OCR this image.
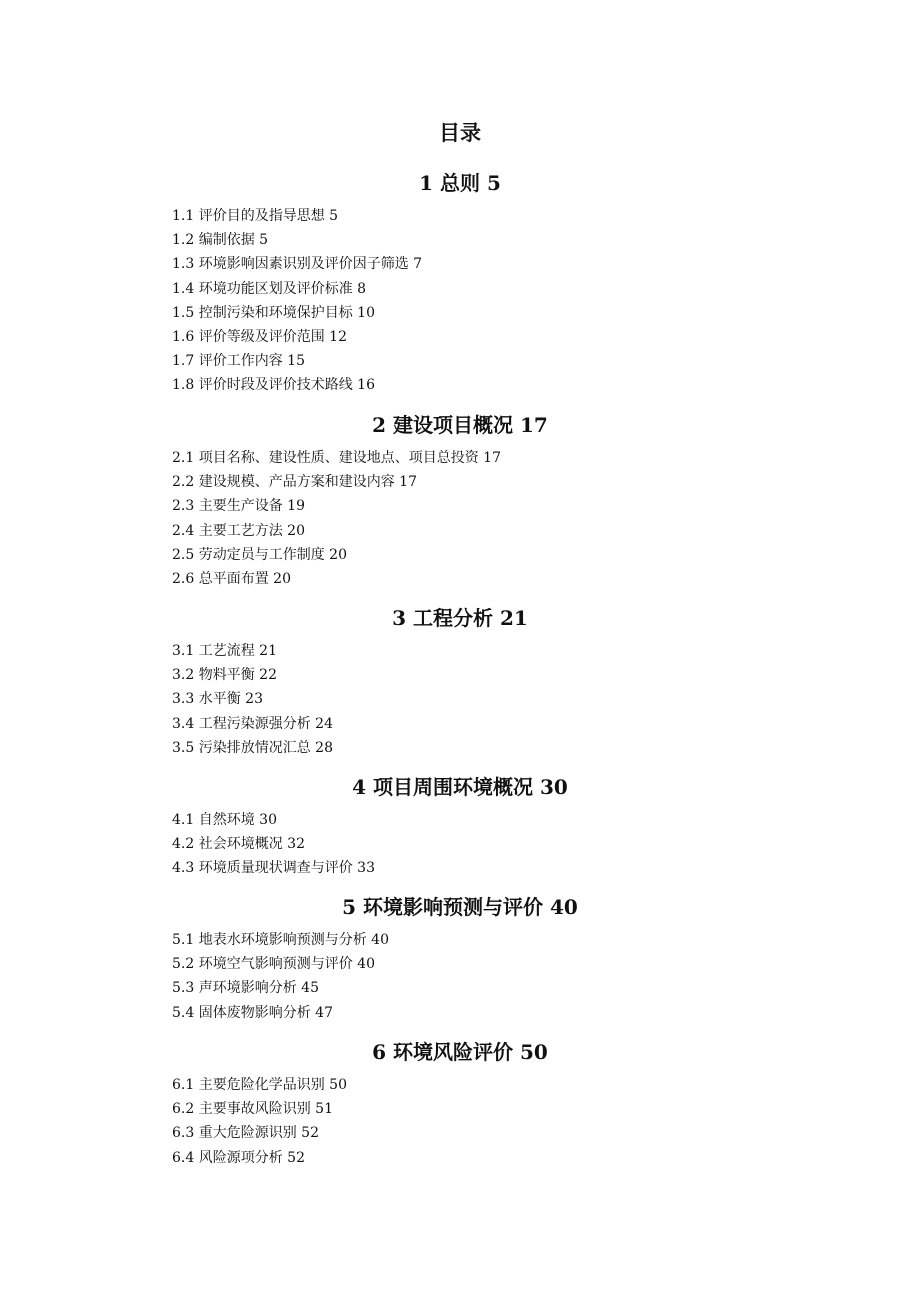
目录
1 总则 5
1.1 评价目的及指导思想 5
1.2 编制依据 5
1.3 环境影响因素识别及评价因子筛选 7
1.4 环境功能区划及评价标准 8
1.5 控制污染和环境保护目标 10
1.6 评价等级及评价范围 12
1.7 评价工作内容 15
1.8 评价时段及评价技术路线 16
2 建设项目概况 17
2.1 项目名称、建设性质、建设地点、项目总投资 17
2.2 建设规模、产品方案和建设内容 17
2.3 主要生产设备 19
2.4 主要工艺方法 20
2.5 劳动定员与工作制度 20
2.6 总平面布置 20
3 工程分析 21
3.1 工艺流程 21
3.2 物料平衡 22
3.3 水平衡 23
3.4 工程污染源强分析 24
3.5 污染排放情况汇总 28
4 项目周围环境概况 30
4.1 自然环境 30
4.2 社会环境概况 32
4.3 环境质量现状调查与评价 33
5 环境影响预测与评价 40
5.1 地表水环境影响预测与分析 40
5.2 环境空气影响预测与评价 40
5.3 声环境影响分析 45
5.4 固体废物影响分析 47
6 环境风险评价 50
6.1 主要危险化学品识别 50
6.2 主要事故风险识别 51
6.3 重大危险源识别 52
6.4 风险源项分析 52
